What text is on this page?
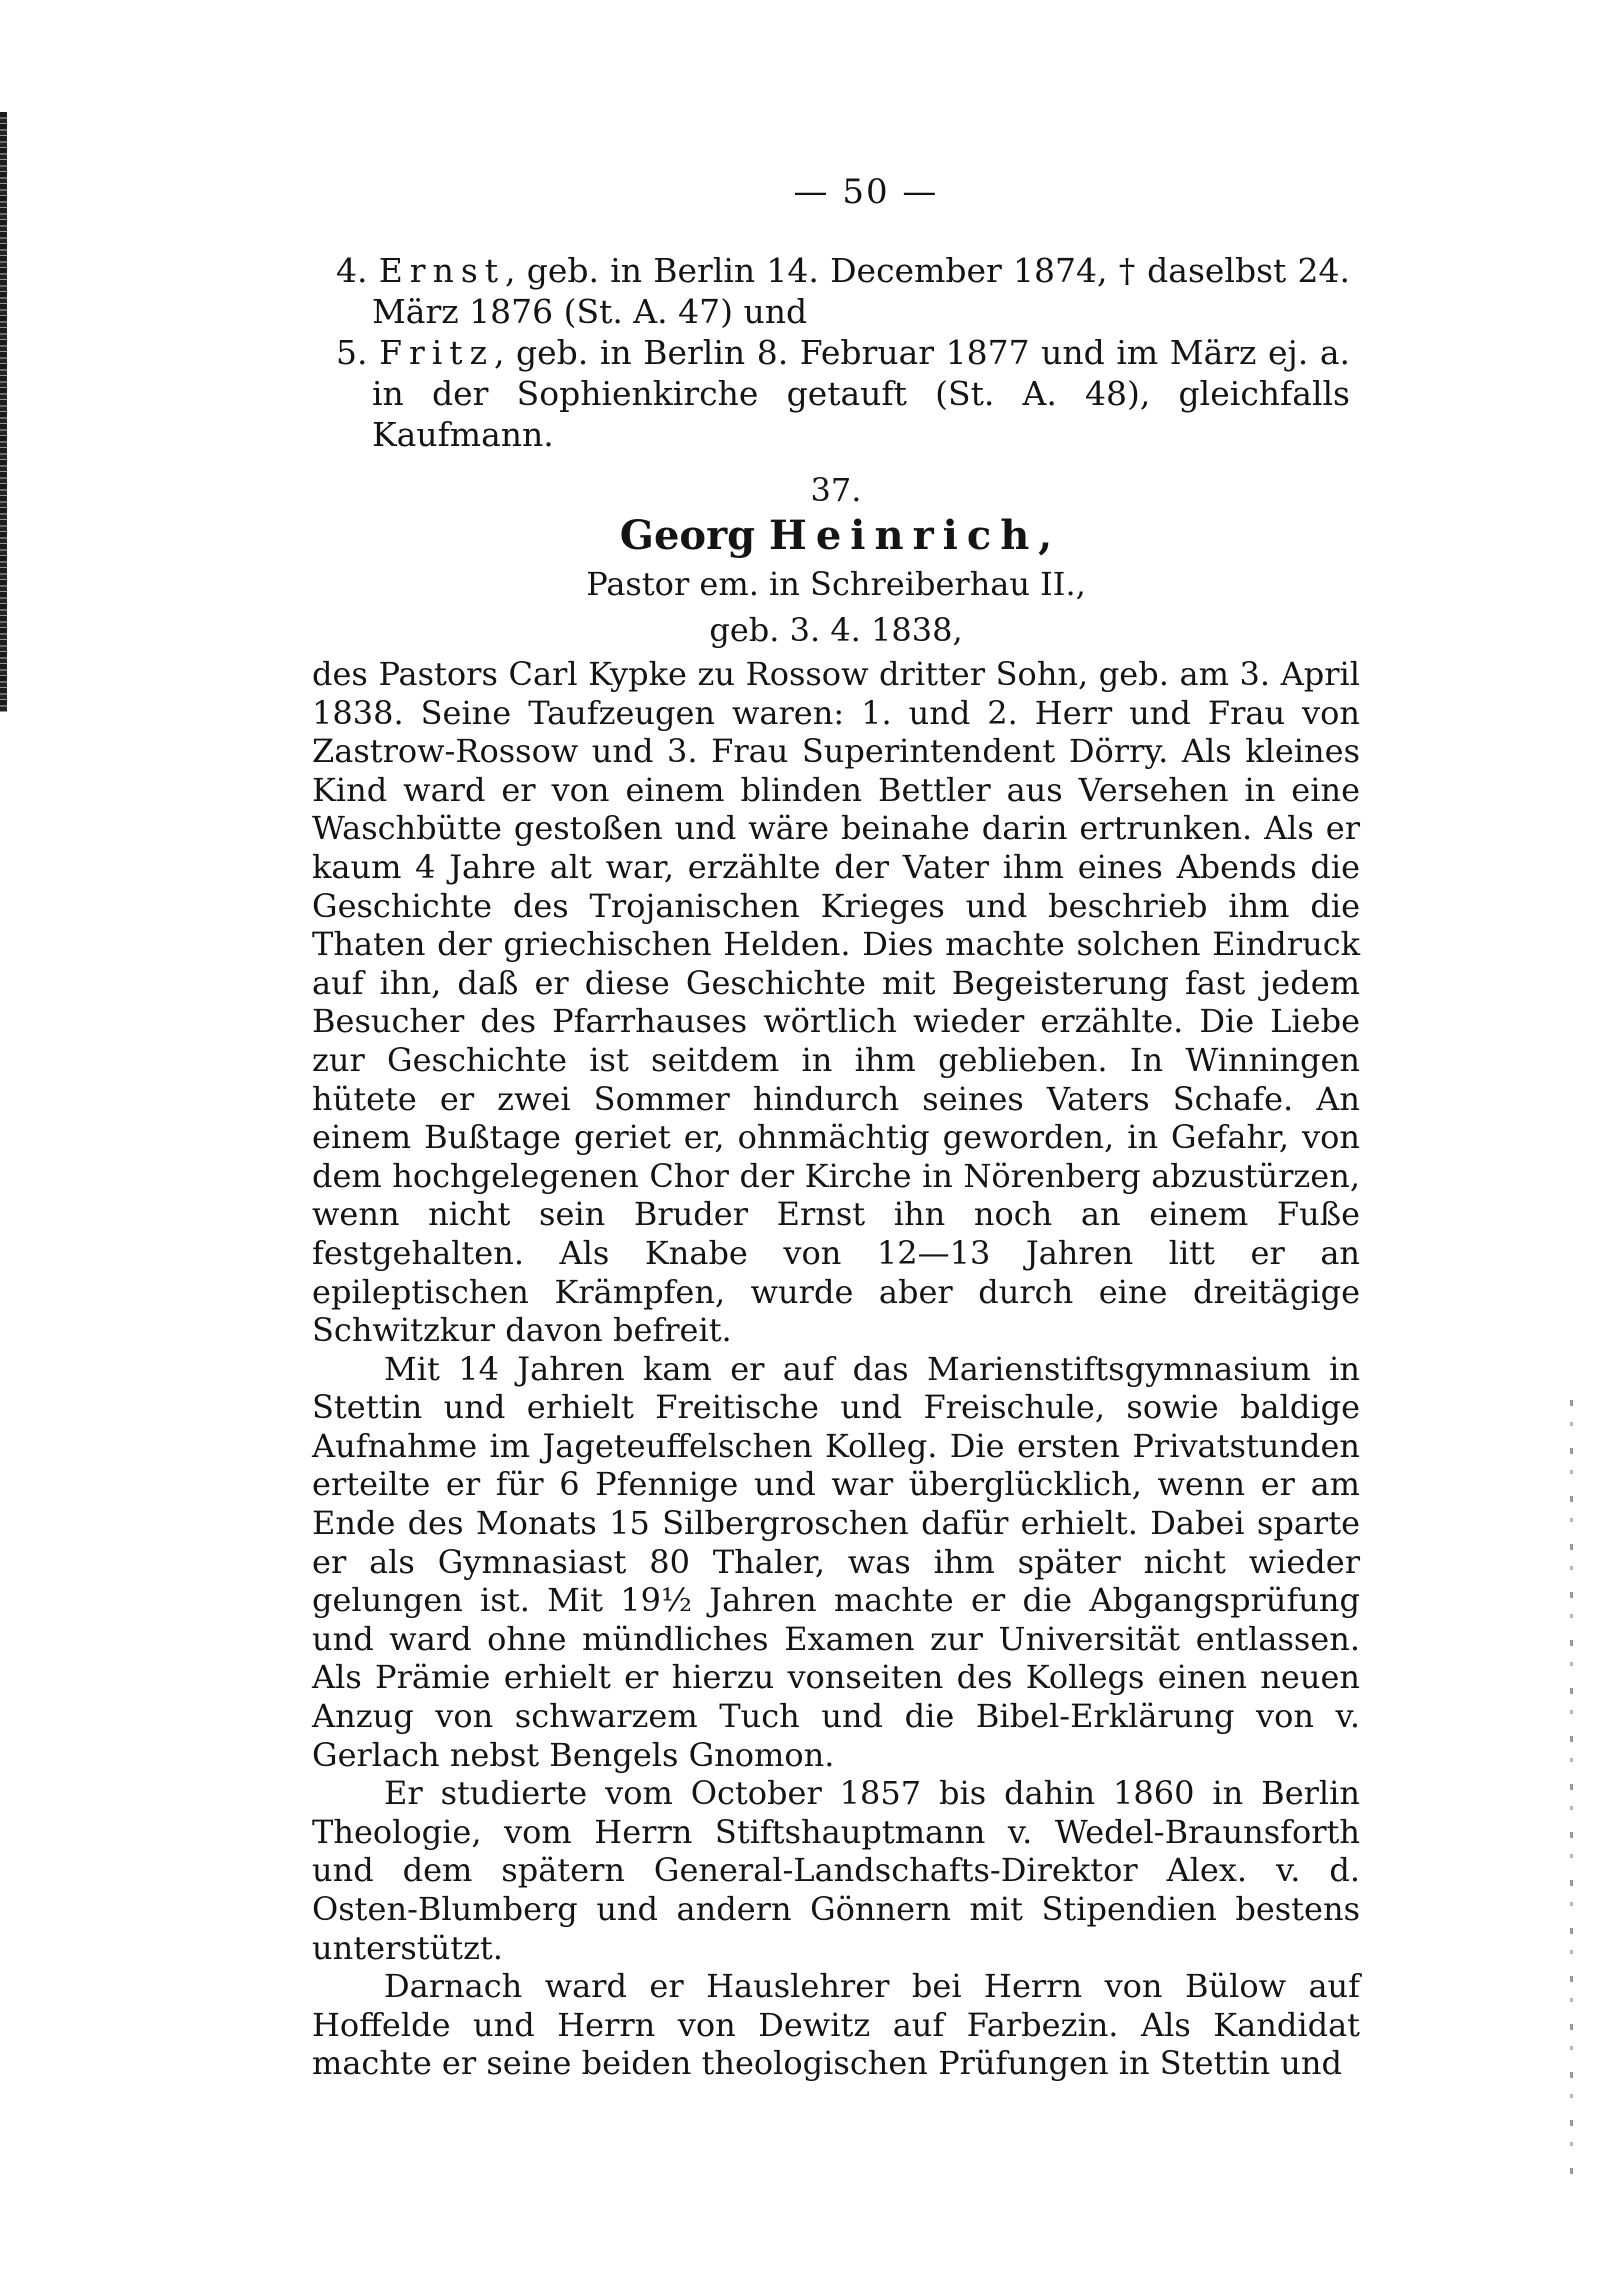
— 50 —
4. Ernst, geb. in Berlin 14. December 1874, † daselbst 24. März 1876 (St. A. 47) und
5. Fritz, geb. in Berlin 8. Februar 1877 und im März ej. a. in der Sophienkirche getauft (St. A. 48), gleichfalls Kaufmann.
37.
Georg Heinrich,
Pastor em. in Schreiberhau II.,
geb. 3. 4. 1838,

des Pastors Carl Kypke zu Rossow dritter Sohn, geb. am 3. April 1838. Seine Taufzeugen waren: 1. und 2. Herr und Frau von Zastrow-Rossow und 3. Frau Superintendent Dörry. Als kleines Kind ward er von einem blinden Bettler aus Versehen in eine Waschbütte gestoßen und wäre beinahe darin ertrunken. Als er kaum 4 Jahre alt war, erzählte der Vater ihm eines Abends die Geschichte des Trojanischen Krieges und beschrieb ihm die Thaten der griechischen Helden. Dies machte solchen Eindruck auf ihn, daß er diese Geschichte mit Begeisterung fast jedem Besucher des Pfarrhauses wörtlich wieder erzählte. Die Liebe zur Geschichte ist seitdem in ihm geblieben. In Winningen hütete er zwei Sommer hindurch seines Vaters Schafe. An einem Bußtage geriet er, ohnmächtig geworden, in Gefahr, von dem hochgelegenen Chor der Kirche in Nörenberg abzustürzen, wenn nicht sein Bruder Ernst ihn noch an einem Fuße festgehalten. Als Knabe von 12—13 Jahren litt er an epileptischen Krämpfen, wurde aber durch eine dreitägige Schwitzkur davon befreit.

Mit 14 Jahren kam er auf das Marienstiftsgymnasium in Stettin und erhielt Freitische und Freischule, sowie baldige Aufnahme im Jageteuffelschen Kolleg. Die ersten Privatstunden erteilte er für 6 Pfennige und war überglücklich, wenn er am Ende des Monats 15 Silbergroschen dafür erhielt. Dabei sparte er als Gymnasiast 80 Thaler, was ihm später nicht wieder gelungen ist. Mit 19½ Jahren machte er die Abgangsprüfung und ward ohne mündliches Examen zur Universität entlassen. Als Prämie erhielt er hierzu vonseiten des Kollegs einen neuen Anzug von schwarzem Tuch und die Bibel-Erklärung von v. Gerlach nebst Bengels Gnomon.

Er studierte vom October 1857 bis dahin 1860 in Berlin Theologie, vom Herrn Stiftshauptmann v. Wedel-Braunsforth und dem spätern General-Landschafts-Direktor Alex. v. d. Osten-Blumberg und andern Gönnern mit Stipendien bestens unterstützt.

Darnach ward er Hauslehrer bei Herrn von Bülow auf Hoffelde und Herrn von Dewitz auf Farbezin. Als Kandidat machte er seine beiden theologischen Prüfungen in Stettin und
